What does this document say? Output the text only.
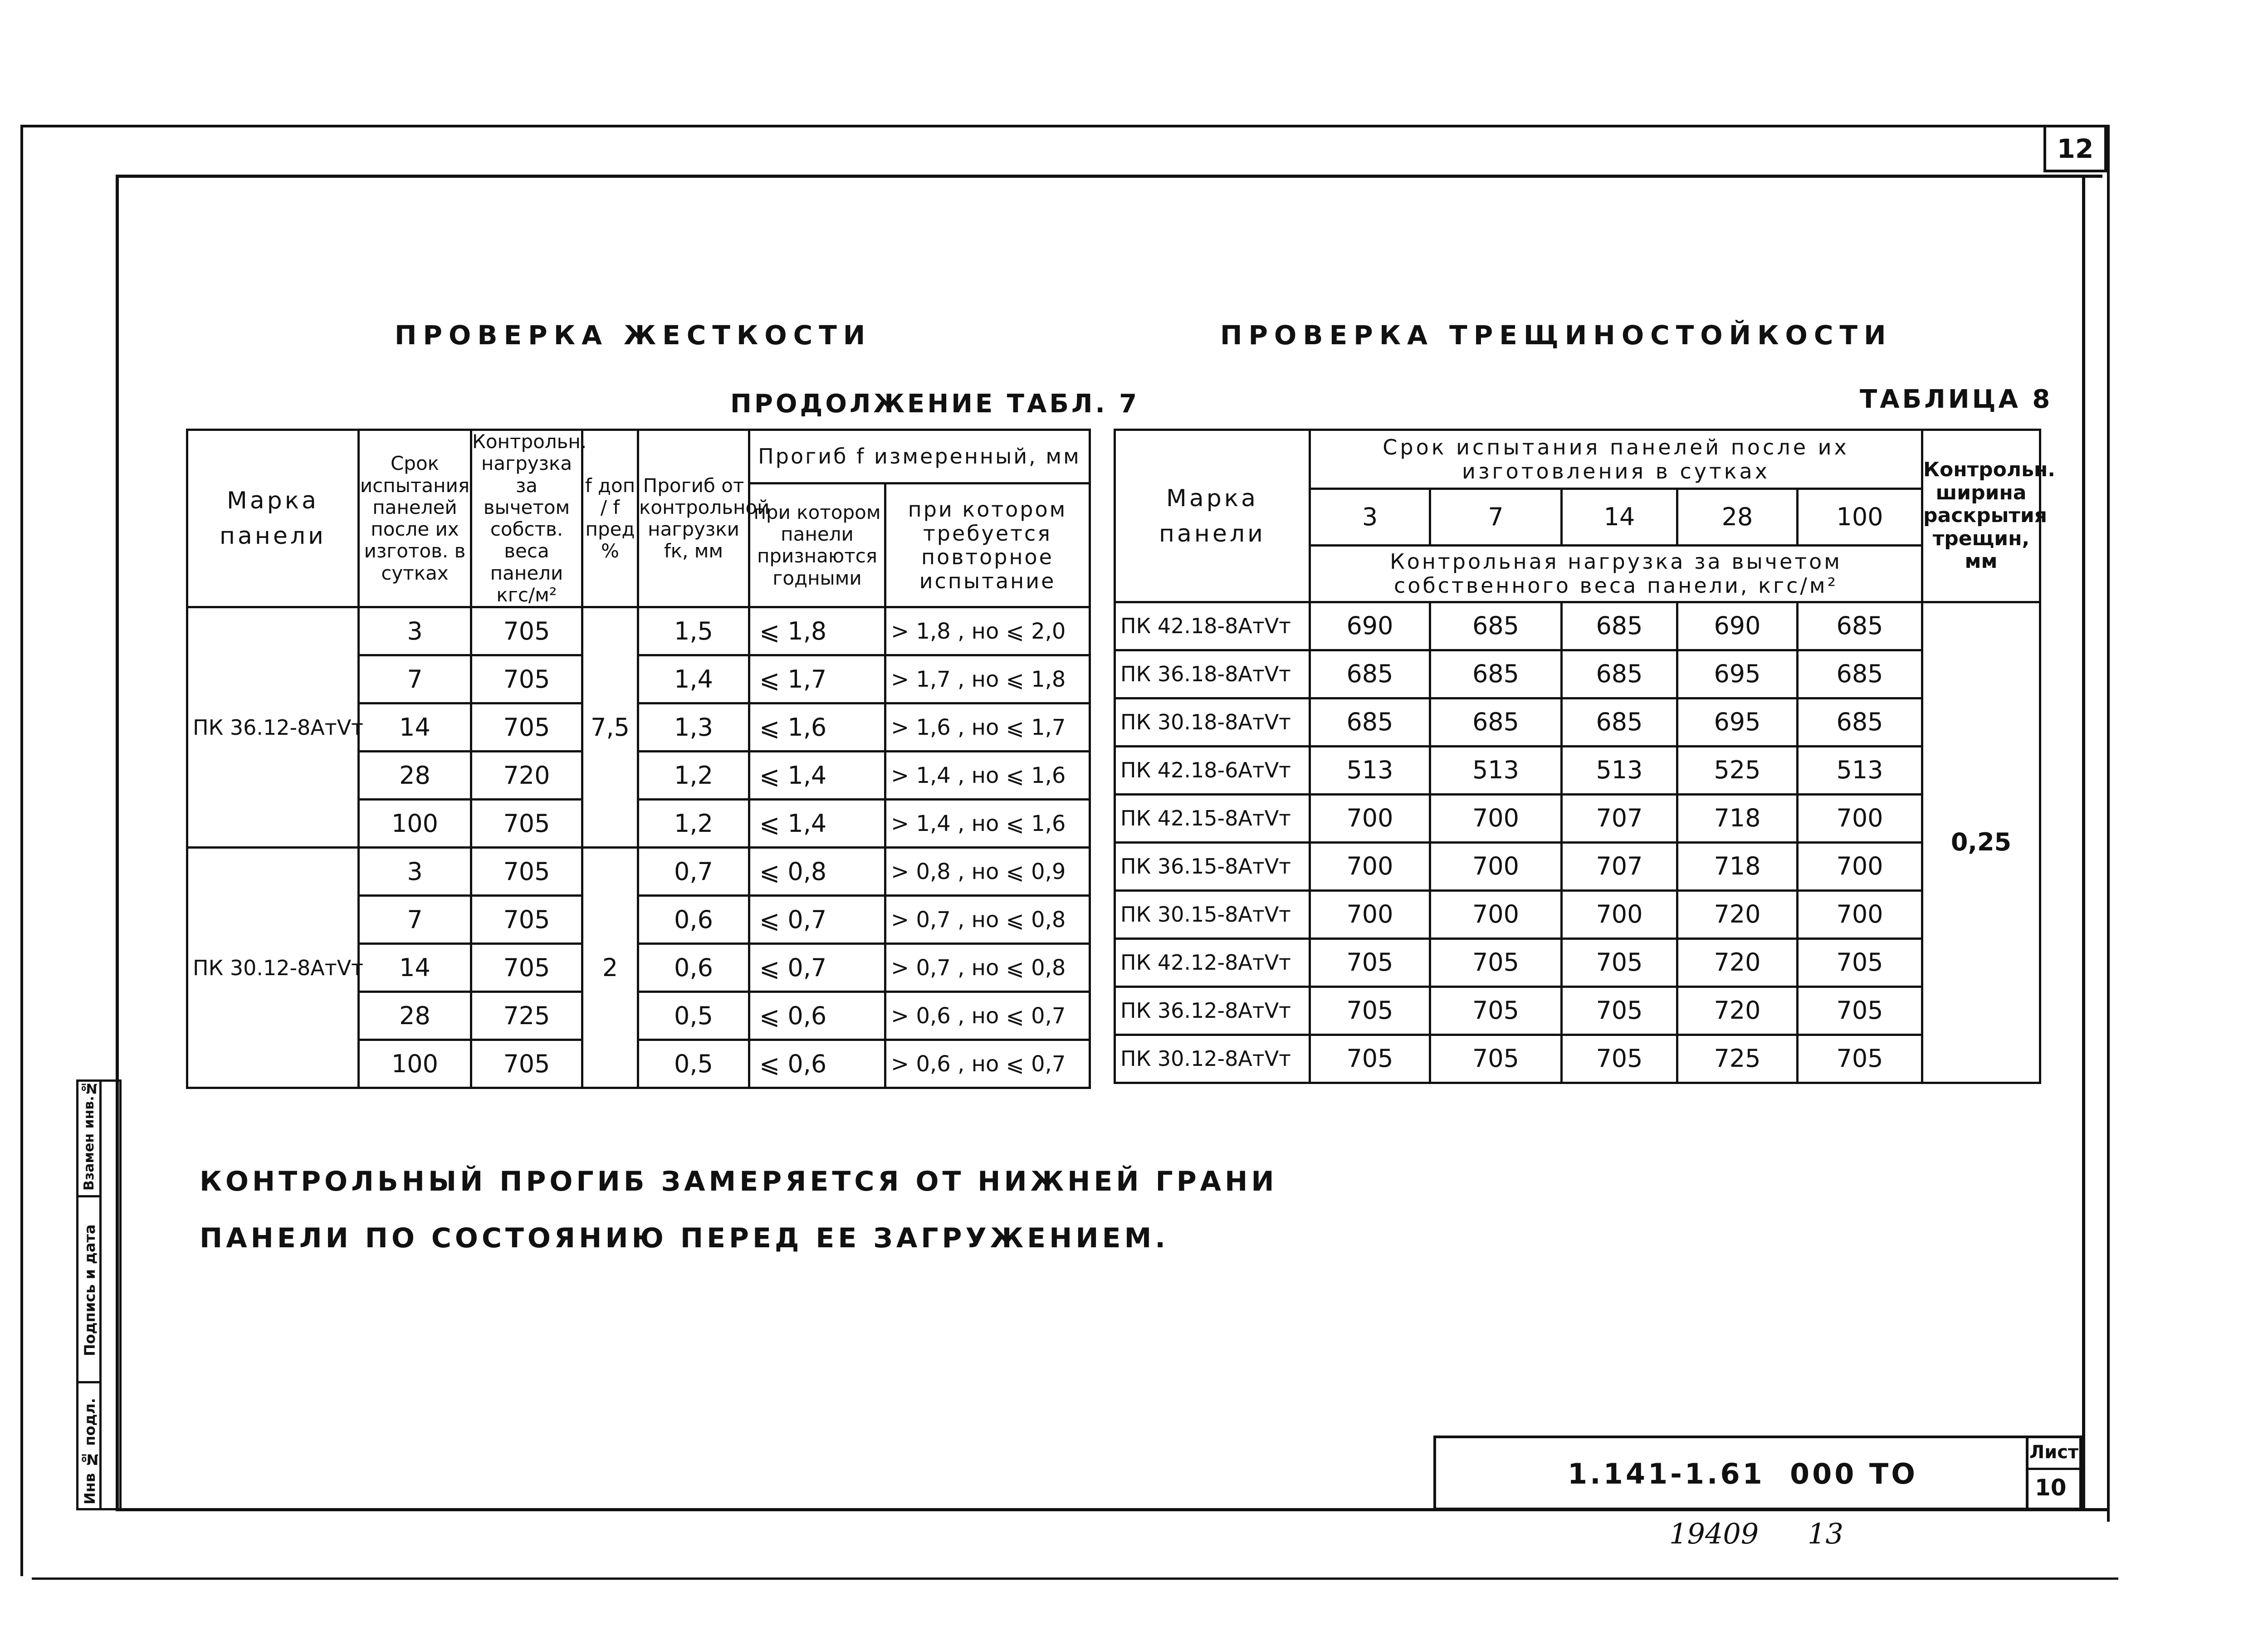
12
ПРОВЕРКА ЖЕСТКОСТИ	ПРОВЕРКА ТРЕЩИНОСТОЙКОСТИ
ПРОДОЛЖЕНИЕ ТАБЛ. 7	ТАБЛИЦА 8
Марка панели	Срок испытания панелей после их изготов. в сутках	Контрольн. нагрузка за вычетом собств. веса панели кгс/м²	f доп / f пред %	Прогиб от контрольной нагрузки fк, мм	Прогиб f измеренный, мм	
					при котором панели признаются годными	при котором требуется повторное испытание
ПК 36.12-8АтⅤт	3	705	7,5	1,5	⩽ 1,8	> 1,8 , но ⩽ 2,0
	7	705		1,4	⩽ 1,7	> 1,7 , но ⩽ 1,8
	14	705		1,3	⩽ 1,6	> 1,6 , но ⩽ 1,7
	28	720		1,2	⩽ 1,4	> 1,4 , но ⩽ 1,6
	100	705		1,2	⩽ 1,4	> 1,4 , но ⩽ 1,6
ПК 30.12-8АтⅤт	3	705	2	0,7	⩽ 0,8	> 0,8 , но ⩽ 0,9
	7	705		0,6	⩽ 0,7	> 0,7 , но ⩽ 0,8
	14	705		0,6	⩽ 0,7	> 0,7 , но ⩽ 0,8
	28	725		0,5	⩽ 0,6	> 0,6 , но ⩽ 0,7
	100	705		0,5	⩽ 0,6	> 0,6 , но ⩽ 0,7
Марка панели	Срок испытания панелей после их изготовления в сутках					Контрольн. ширина раскрытия трещин, мм
	3	7	14	28	100	
	Контрольная нагрузка за вычетом собственного веса панели, кгс/м²					
ПК 42.18-8АтⅤт	690	685	685	690	685	0,25
ПК 36.18-8АтⅤт	685	685	685	695	685	
ПК 30.18-8АтⅤт	685	685	685	695	685	
ПК 42.18-6АтⅤт	513	513	513	525	513	
ПК 42.15-8АтⅤт	700	700	707	718	700	
ПК 36.15-8АтⅤт	700	700	707	718	700	
ПК 30.15-8АтⅤт	700	700	700	720	700	
ПК 42.12-8АтⅤт	705	705	705	720	705	
ПК 36.12-8АтⅤт	705	705	705	720	705	
ПК 30.12-8АтⅤт	705	705	705	725	705	
КОНТРОЛЬНЫЙ ПРОГИБ ЗАМЕРЯЕТСЯ ОТ НИЖНЕЙ ГРАНИ
ПАНЕЛИ ПО СОСТОЯНИЮ ПЕРЕД ЕЕ ЗАГРУЖЕНИЕМ.
Инв № подл.
Подпись и дата
Взамен инв.№
1.141-1.61  000 ТО
Лист
10
19409 13
